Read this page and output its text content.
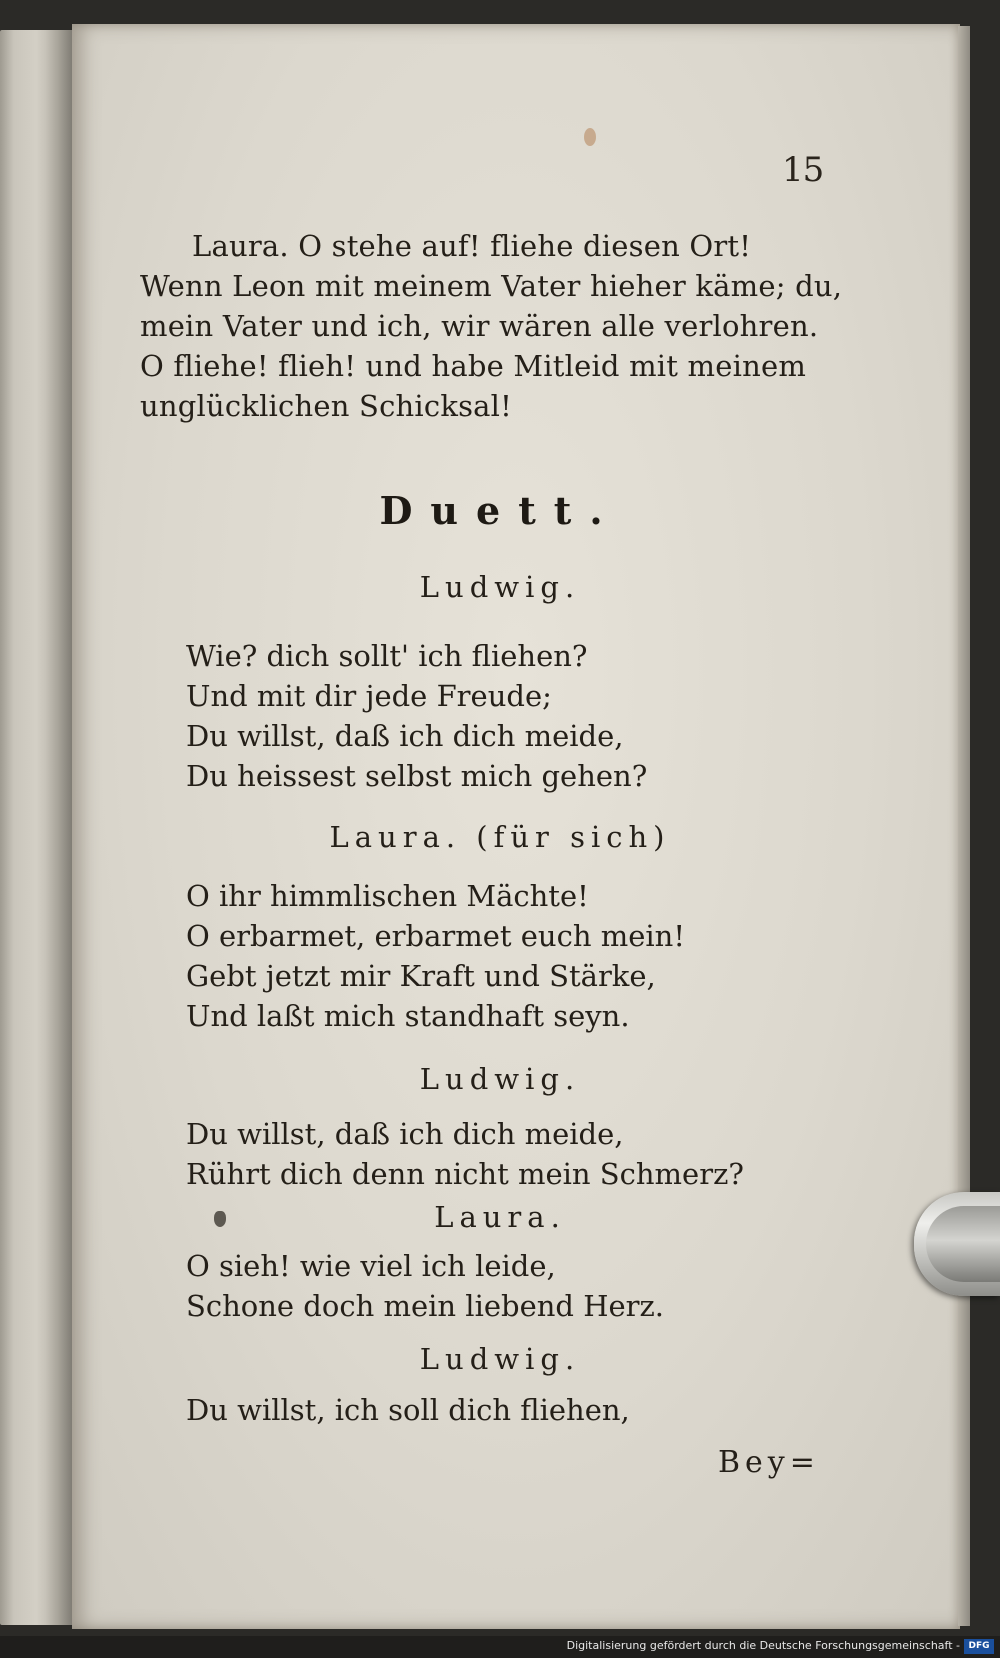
15
Laura. O stehe auf! fliehe diesen Ort!
Wenn Leon mit meinem Vater hieher käme; du,
mein Vater und ich, wir wären alle verlohren.
O fliehe! flieh! und habe Mitleid mit meinem
unglücklichen Schicksal!
Duett.
Ludwig.
Wie? dich sollt' ich fliehen?
Und mit dir jede Freude;
Du willst, daß ich dich meide,
Du heissest selbst mich gehen?
Laura. (für sich)
O ihr himmlischen Mächte!
O erbarmet, erbarmet euch mein!
Gebt jetzt mir Kraft und Stärke,
Und laßt mich standhaft seyn.
Ludwig.
Du willst, daß ich dich meide,
Rührt dich denn nicht mein Schmerz?
Laura.
O sieh! wie viel ich leide,
Schone doch mein liebend Herz.
Ludwig.
Du willst, ich soll dich fliehen,
Bey=
Digitalisierung gefördert durch die Deutsche Forschungsgemeinschaft - DFG
